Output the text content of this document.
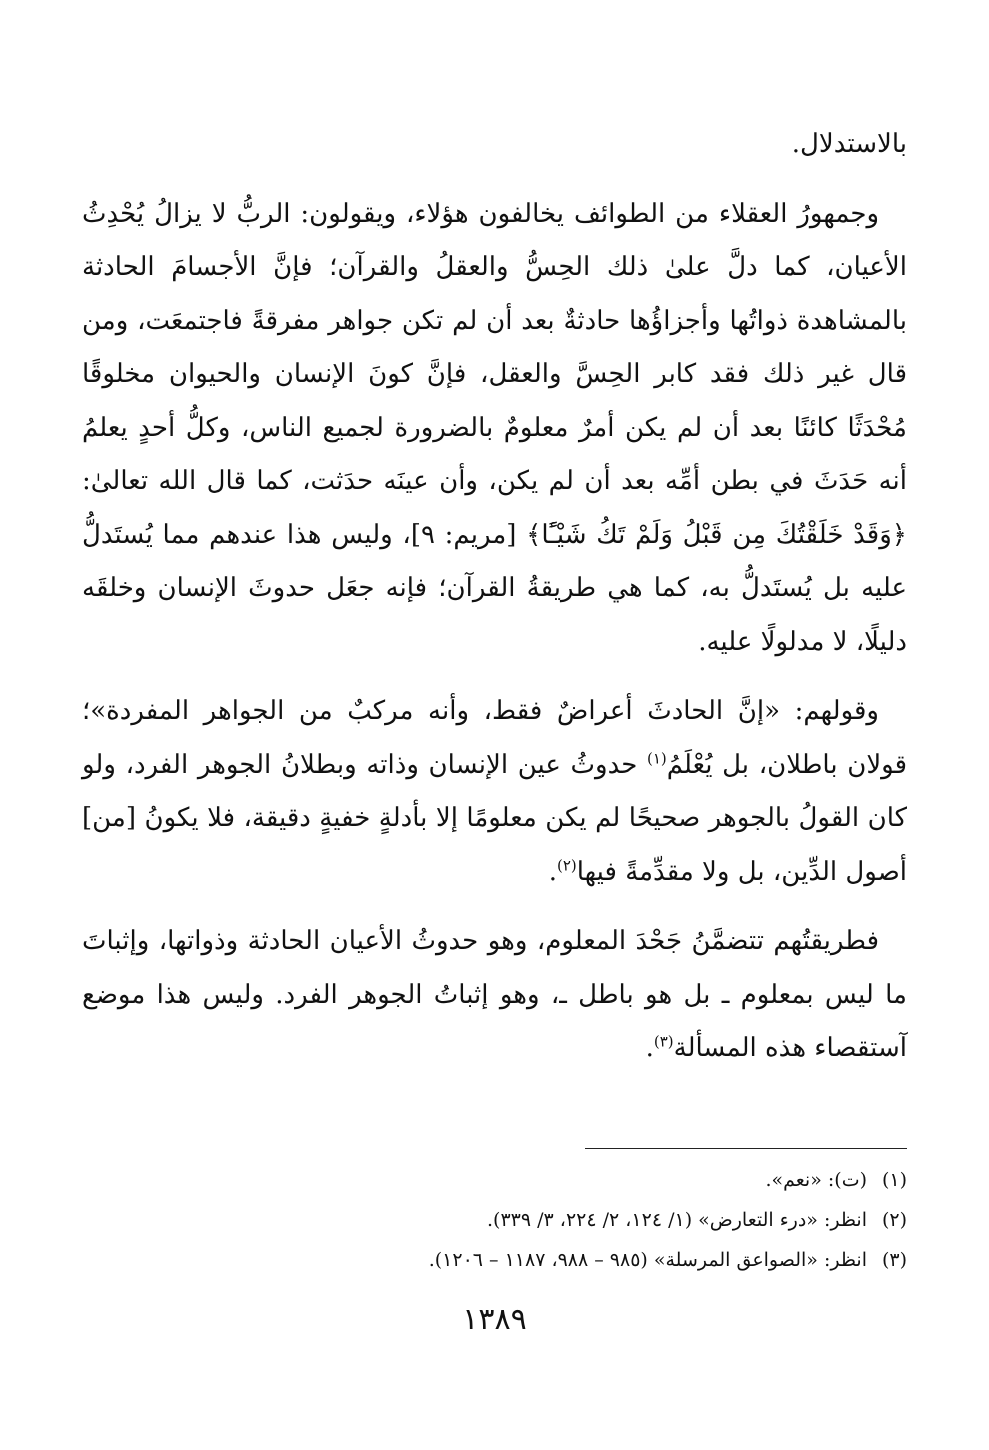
بالاستدلال.

وجمهورُ العقلاء من الطوائف يخالفون هؤلاء، ويقولون: الربُّ لا يزالُ يُحْدِثُ الأعيان، كما دلَّ علىٰ ذلك الحِسُّ والعقلُ والقرآن؛ فإنَّ الأجسامَ الحادثة بالمشاهدة ذواتُها وأجزاؤُها حادثةٌ بعد أن لم تكن جواهر مفرقةً فاجتمعَت، ومن قال غير ذلك فقد كابر الحِسَّ والعقل، فإنَّ كونَ الإنسان والحيوان مخلوقًا مُحْدَثًا كائنًا بعد أن لم يكن أمرٌ معلومٌ بالضرورة لجميع الناس، وكلُّ أحدٍ يعلمُ أنه حَدَثَ في بطن أمِّه بعد أن لم يكن، وأن عينَه حدَثت، كما قال الله تعالىٰ: ﴿وَقَدْ خَلَقْتُكَ مِن قَبْلُ وَلَمْ تَكُ شَيْـًٔا﴾ [مريم: ٩]، وليس هذا عندهم مما يُستَدلُّ عليه بل يُستَدلُّ به، كما هي طريقةُ القرآن؛ فإنه جعَل حدوثَ الإنسان وخلقَه دليلًا، لا مدلولًا عليه.

وقولهم: «إنَّ الحادثَ أعراضٌ فقط، وأنه مركبٌ من الجواهر المفردة»؛ قولان باطلان، بل يُعْلَمُ$^{(١)}$ حدوثُ عين الإنسان وذاته وبطلانُ الجوهر الفرد، ولو كان القولُ بالجوهر صحيحًا لم يكن معلومًا إلا بأدلةٍ خفيةٍ دقيقة، فلا يكونُ [من] أصول الدِّين، بل ولا مقدِّمةً فيها$^{(٢)}$.

فطريقتُهم تتضمَّنُ جَحْدَ المعلوم، وهو حدوثُ الأعيان الحادثة وذواتها، وإثباتَ ما ليس بمعلوم ـ بل هو باطل ـ، وهو إثباتُ الجوهر الفرد. وليس هذا موضع آستقصاء هذه المسألة$^{(٣)}$.

(١)
(ت): «نعم».
(٢)
انظر: «درء التعارض» (١/ ١٢٤، ٢/ ٢٢٤، ٣/ ٣٣٩).
(٣)
انظر: «الصواعق المرسلة» (٩٨٥ – ٩٨٨، ١١٨٧ – ١٢٠٦).
١٣٨٩
